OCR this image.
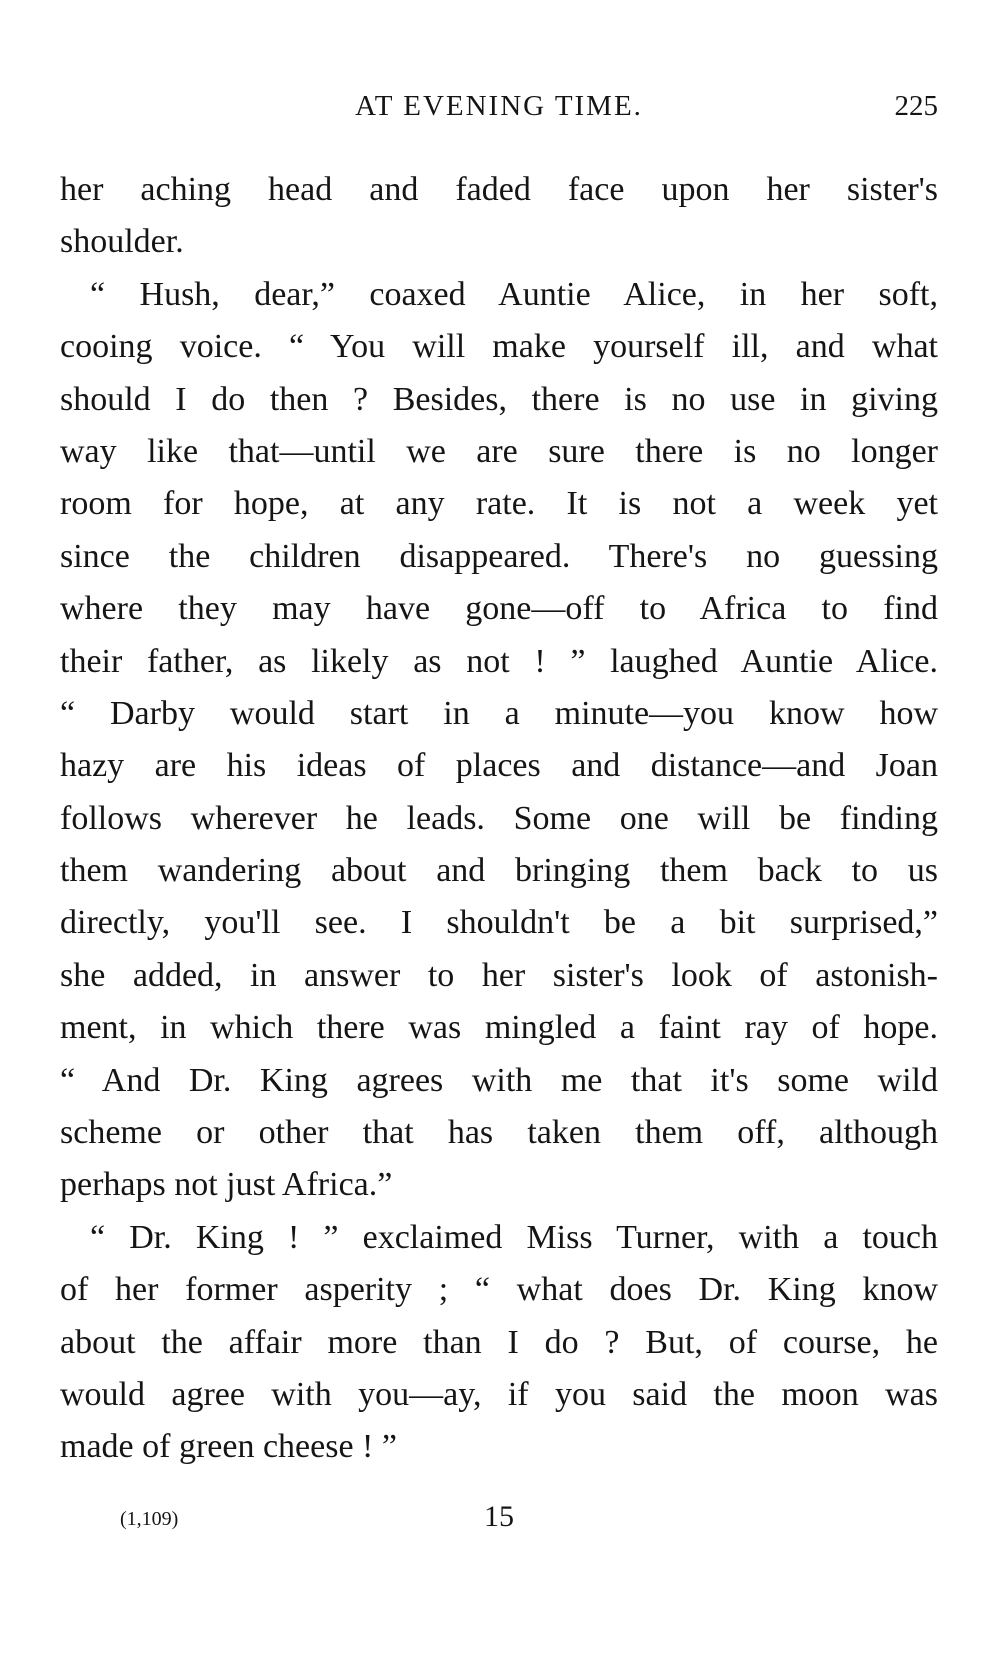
AT EVENING TIME.	225
her aching head and faded face upon her sister's
shoulder.
“ Hush, dear,” coaxed Auntie Alice, in her soft,
cooing voice. “ You will make yourself ill, and what
should I do then ? Besides, there is no use in giving
way like that—until we are sure there is no longer
room for hope, at any rate. It is not a week yet
since the children disappeared. There's no guessing
where they may have gone—off to Africa to find
their father, as likely as not ! ” laughed Auntie Alice.
“ Darby would start in a minute—you know how
hazy are his ideas of places and distance—and Joan
follows wherever he leads. Some one will be finding
them wandering about and bringing them back to us
directly, you'll see. I shouldn't be a bit surprised,”
she added, in answer to her sister's look of astonish-
ment, in which there was mingled a faint ray of hope.
“ And Dr. King agrees with me that it's some wild
scheme or other that has taken them off, although
perhaps not just Africa.”
“ Dr. King ! ” exclaimed Miss Turner, with a touch
of her former asperity ; “ what does Dr. King know
about the affair more than I do ? But, of course, he
would agree with you—ay, if you said the moon was
made of green cheese ! ”
(1,109)	15
